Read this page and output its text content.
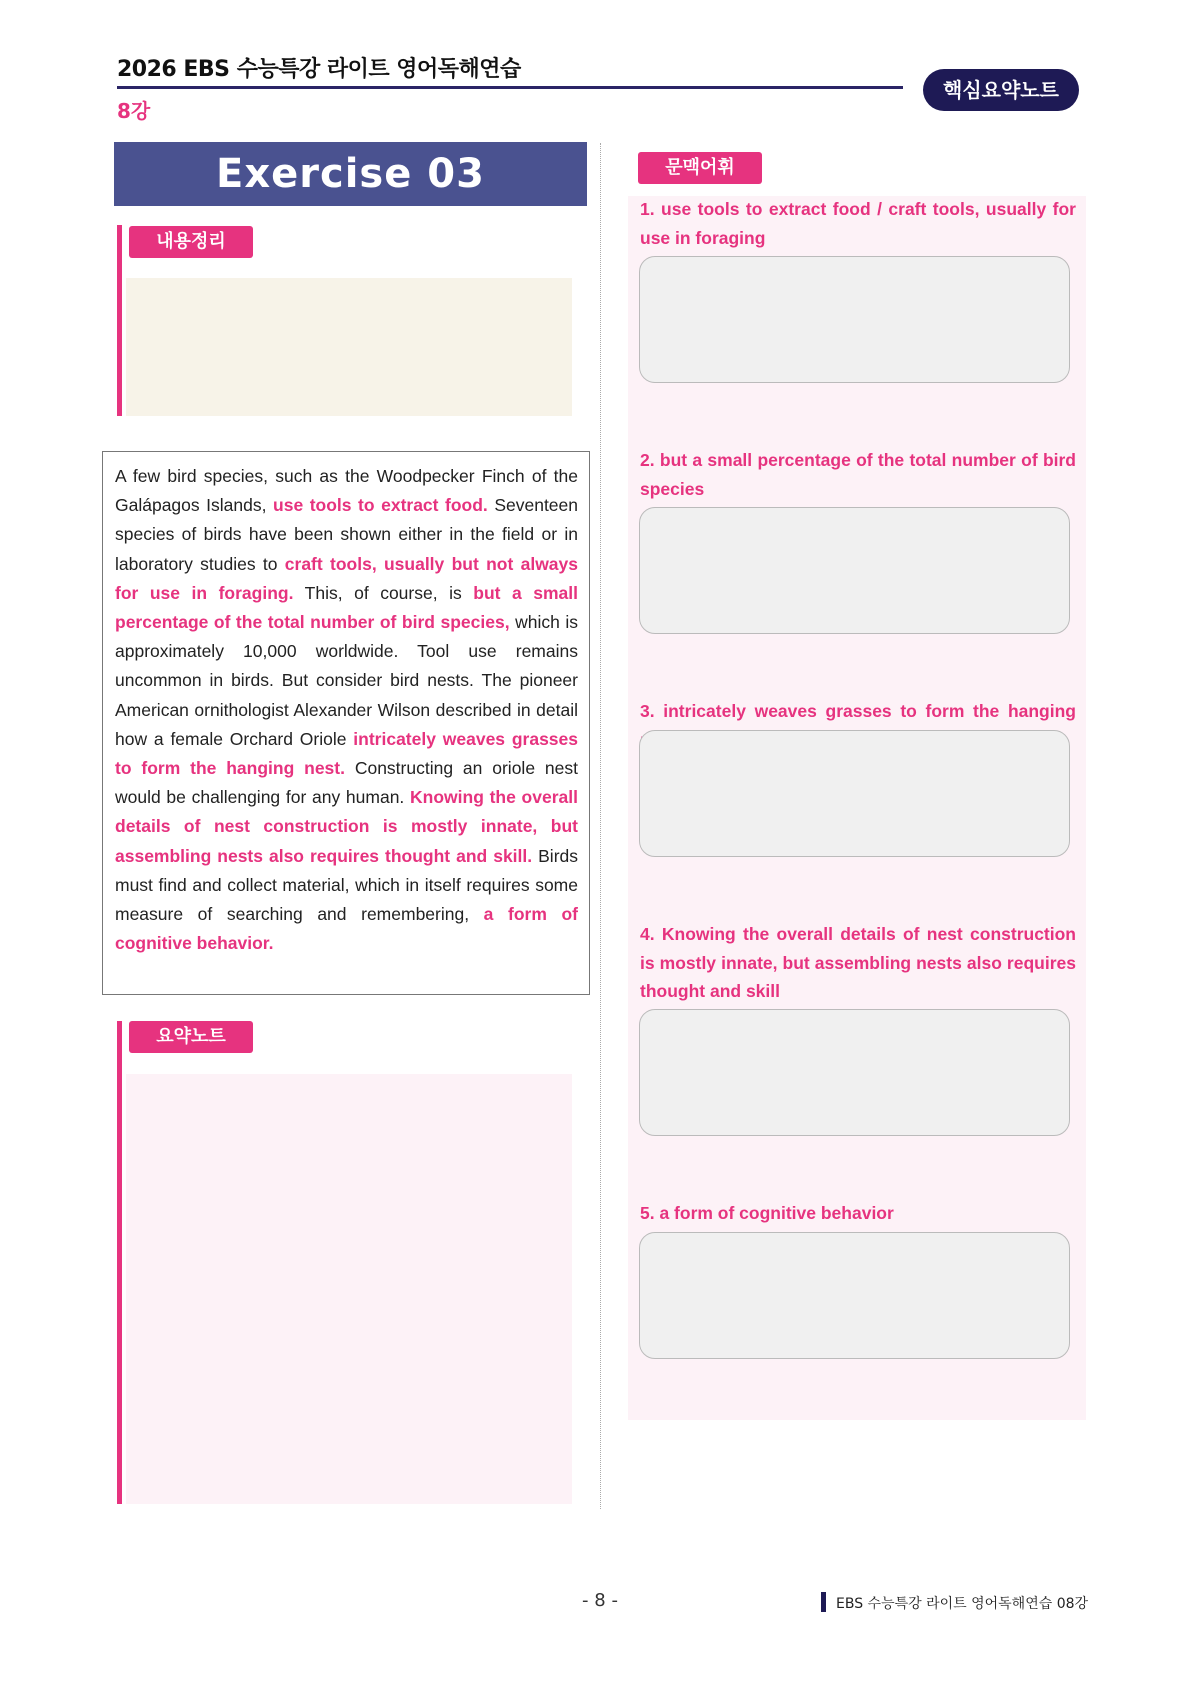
2026 EBS 수능특강 라이트 영어독해연습
8강
핵심요약노트
Exercise 03
내용정리
A few bird species, such as the Woodpecker Finch of the Galápagos Islands, use tools to extract food. Seventeen species of birds have been shown either in the field or in laboratory studies to craft tools, usually but not always for use in foraging. This, of course, is but a small percentage of the total number of bird species, which is approximately 10,000 worldwide. Tool use remains uncommon in birds. But consider bird nests. The pioneer American ornithologist Alexander Wilson described in detail how a female Orchard Oriole intricately weaves grasses to form the hanging nest. Constructing an oriole nest would be challenging for any human. Knowing the overall details of nest construction is mostly innate, but assembling nests also requires thought and skill. Birds must find and collect material, which in itself requires some measure of searching and remembering, a form of cognitive behavior.
요약노트
문맥어휘
1. use tools to extract food / craft tools, usually for use in foraging
2. but a small percentage of the total number of bird species
3. intricately weaves grasses to form the hanging
4. Knowing the overall details of nest construction is mostly innate, but assembling nests also requires thought and skill
5. a form of cognitive behavior
- 8 -	EBS 수능특강 라이트 영어독해연습 08강
